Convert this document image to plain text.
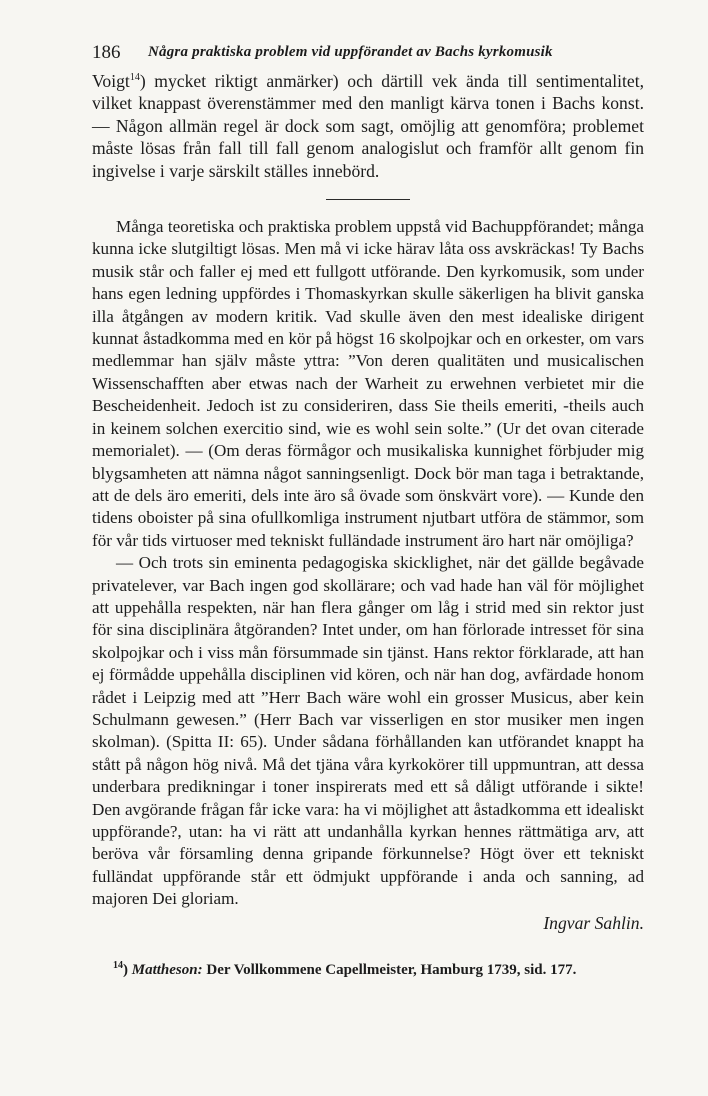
186 Några praktiska problem vid uppförandet av Bachs kyrkomusik

Voigt$^{14}$) mycket riktigt anmärker) och därtill vek ända till sentimentalitet, vilket knappast överenstämmer med den manligt kärva tonen i Bachs konst. — Någon allmän regel är dock som sagt, omöjlig att genomföra; problemet måste lösas från fall till fall genom analogislut och framför allt genom fin ingivelse i varje särskilt ställes innebörd.

Många teoretiska och praktiska problem uppstå vid Bachuppförandet; många kunna icke slutgiltigt lösas. Men må vi icke härav låta oss avskräckas! Ty Bachs musik står och faller ej med ett fullgott utförande. Den kyrkomusik, som under hans egen ledning uppfördes i Thomaskyrkan skulle säkerligen ha blivit ganska illa åtgången av modern kritik. Vad skulle även den mest idealiske dirigent kunnat åstadkomma med en kör på högst 16 skolpojkar och en orkester, om vars medlemmar han själv måste yttra: ”Von deren qualitäten und musicalischen Wissenschafften aber etwas nach der Warheit zu erwehnen verbietet mir die Bescheidenheit. Jedoch ist zu consideriren, dass Sie theils emeriti, -theils auch in keinem solchen exercitio sind, wie es wohl sein solte.” (Ur det ovan citerade memorialet). — (Om deras förmågor och musikaliska kunnighet förbjuder mig blygsamheten att nämna något sanningsenligt. Dock bör man taga i betraktande, att de dels äro emeriti, dels inte äro så övade som önskvärt vore). — Kunde den tidens oboister på sina ofullkomliga instrument njutbart utföra de stämmor, som för vår tids virtuoser med tekniskt fulländade instrument äro hart när omöjliga?

— Och trots sin eminenta pedagogiska skicklighet, när det gällde begåvade privatelever, var Bach ingen god skollärare; och vad hade han väl för möjlighet att uppehålla respekten, när han flera gånger om låg i strid med sin rektor just för sina disciplinära åtgöranden? Intet under, om han förlorade intresset för sina skolpojkar och i viss mån försummade sin tjänst. Hans rektor förklarade, att han ej förmådde uppehålla disciplinen vid kören, och när han dog, avfärdade honom rådet i Leipzig med att ”Herr Bach wäre wohl ein grosser Musicus, aber kein Schulmann gewesen.” (Herr Bach var visserligen en stor musiker men ingen skolman). (Spitta II: 65). Under sådana förhållanden kan utförandet knappt ha stått på någon hög nivå. Må det tjäna våra kyrkokörer till uppmuntran, att dessa underbara predikningar i toner inspirerats med ett så dåligt utförande i sikte! Den avgörande frågan får icke vara: ha vi möjlighet att åstadkomma ett idealiskt uppförande?, utan: ha vi rätt att undanhålla kyrkan hennes rättmätiga arv, att beröva vår församling denna gripande förkunnelse? Högt över ett tekniskt fulländat uppförande står ett ödmjukt uppförande i anda och sanning, ad majoren Dei gloriam.

Ingvar Sahlin.
$^{14}$) Mattheson: Der Vollkommene Capellmeister, Hamburg 1739, sid. 177.
